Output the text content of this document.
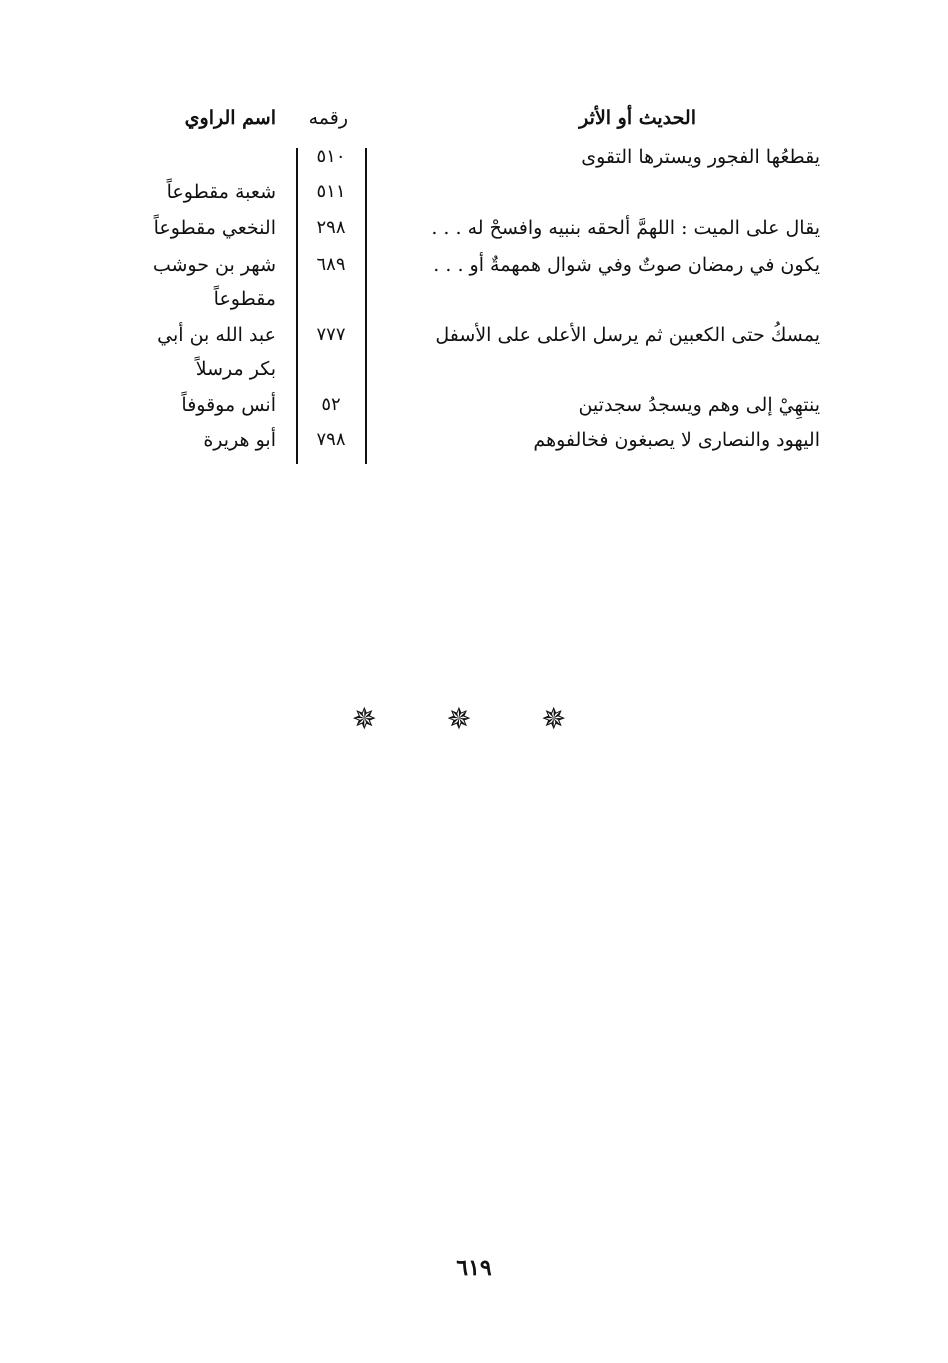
الحديث أو الأثر
رقمه
اسم الراوي
يقطعُها الفجور ويسترها التقوى
٥١٠
٥١١
شعبة مقطوعاً
يقال على الميت : اللهمَّ ألحقه بنبيه وافسحْ له . . .
٢٩٨
النخعي مقطوعاً
يكون في رمضان صوتٌ وفي شوال همهمةٌ أو . . .
٦٨٩
شهر بن حوشب
مقطوعاً
يمسكُ حتى الكعبين ثم يرسل الأعلى على الأسفل
٧٧٧
عبد الله بن أبي
بكر مرسلاً
ينتهِيْ إلى وهم ويسجدُ سجدتين
٥٢
أنس موقوفاً
اليهود والنصارى لا يصبغون فخالفوهم
٧٩٨
أبو هريرة
✵ ✵ ✵
٦١٩
